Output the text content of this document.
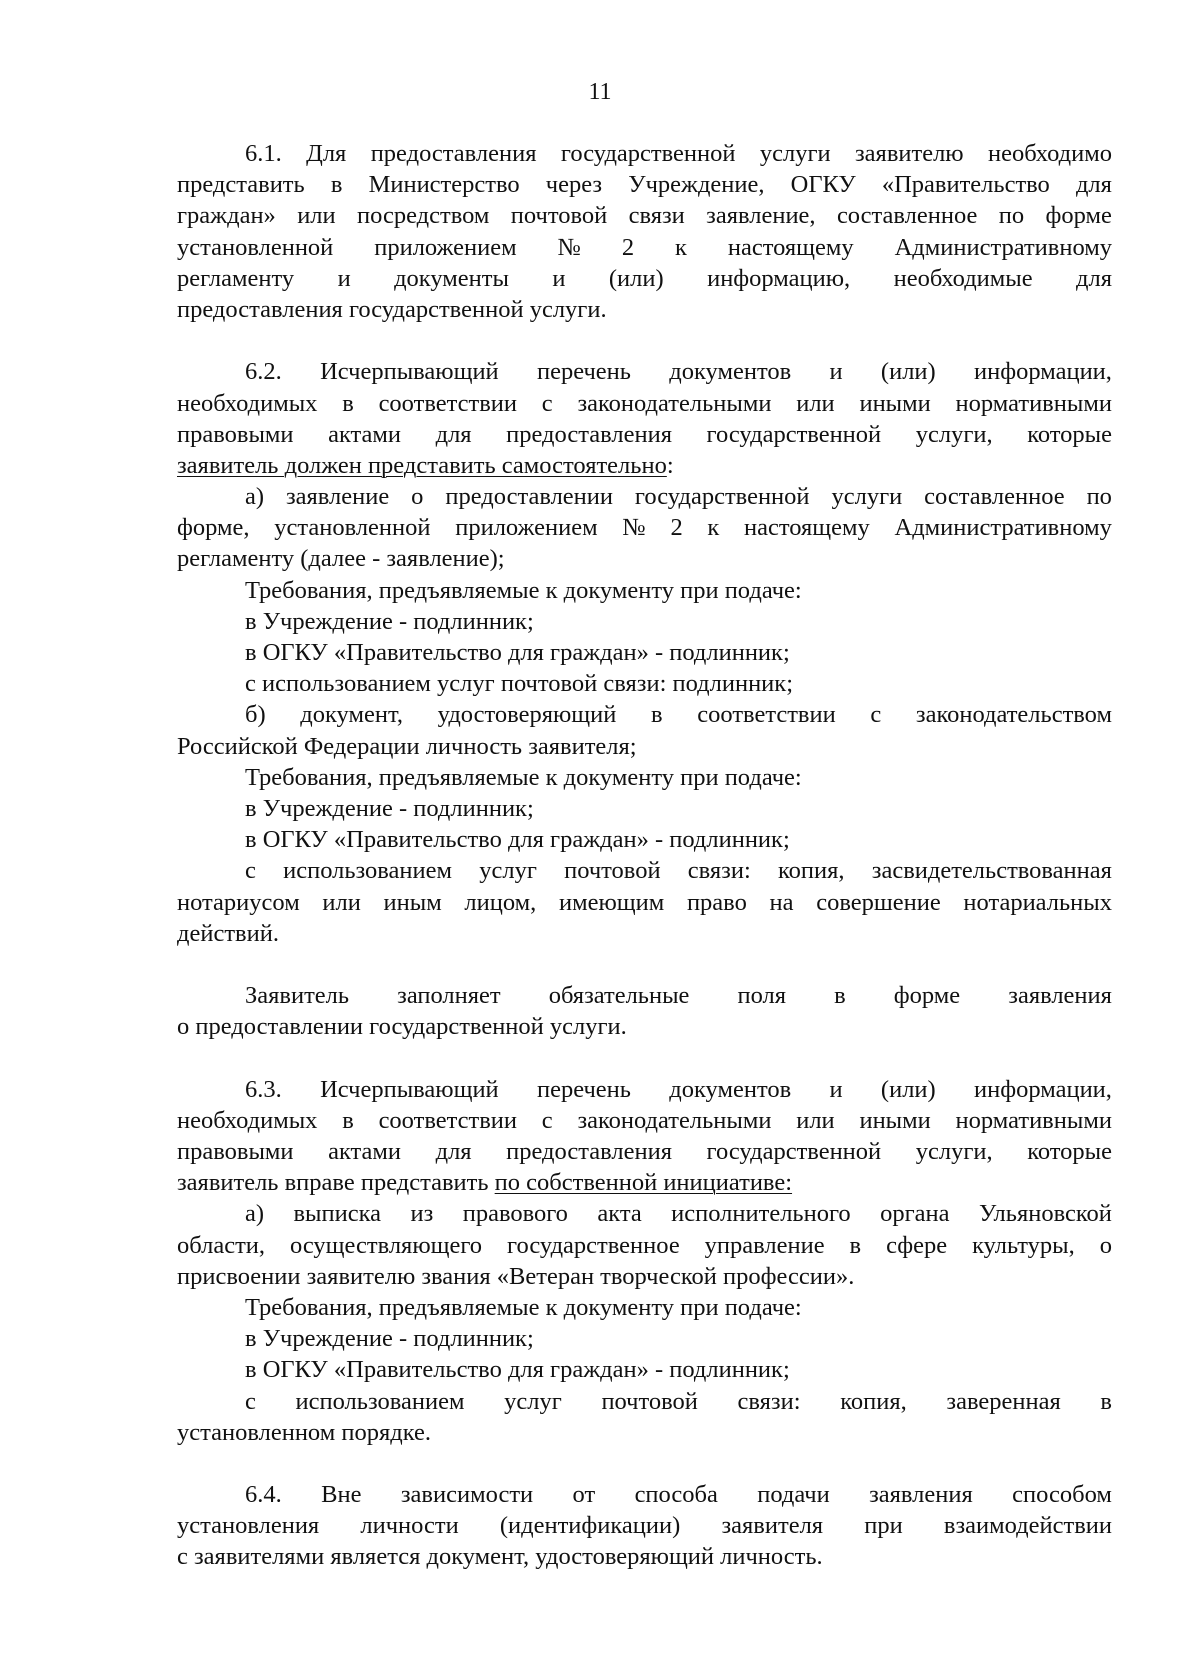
11
6.1. Для предоставления государственной услуги заявителю необходимо
представить в Министерство через Учреждение, ОГКУ «Правительство для
граждан» или посредством почтовой связи заявление, составленное по форме
установленной приложением № 2 к настоящему Административному
регламенту и документы и (или) информацию, необходимые для
предоставления государственной услуги.
6.2. Исчерпывающий перечень документов и (или) информации,
необходимых в соответствии с законодательными или иными нормативными
правовыми актами для предоставления государственной услуги, которые
заявитель должен представить самостоятельно:
а) заявление о предоставлении государственной услуги составленное по
форме, установленной приложением № 2 к настоящему Административному
регламенту (далее - заявление);
Требования, предъявляемые к документу при подаче:
в Учреждение - подлинник;
в ОГКУ «Правительство для граждан» - подлинник;
с использованием услуг почтовой связи: подлинник;
б) документ, удостоверяющий в соответствии с законодательством
Российской Федерации личность заявителя;
Требования, предъявляемые к документу при подаче:
в Учреждение - подлинник;
в ОГКУ «Правительство для граждан» - подлинник;
с использованием услуг почтовой связи: копия, засвидетельствованная
нотариусом или иным лицом, имеющим право на совершение нотариальных
действий.
Заявитель заполняет обязательные поля в форме заявления
о предоставлении государственной услуги.
6.3. Исчерпывающий перечень документов и (или) информации,
необходимых в соответствии с законодательными или иными нормативными
правовыми актами для предоставления государственной услуги, которые
заявитель вправе представить по собственной инициативе:
а) выписка из правового акта исполнительного органа Ульяновской
области, осуществляющего государственное управление в сфере культуры, о
присвоении заявителю звания «Ветеран творческой профессии».
Требования, предъявляемые к документу при подаче:
в Учреждение - подлинник;
в ОГКУ «Правительство для граждан» - подлинник;
с использованием услуг почтовой связи: копия, заверенная в
установленном порядке.
6.4. Вне зависимости от способа подачи заявления способом
установления личности (идентификации) заявителя при взаимодействии
с заявителями является документ, удостоверяющий личность.
